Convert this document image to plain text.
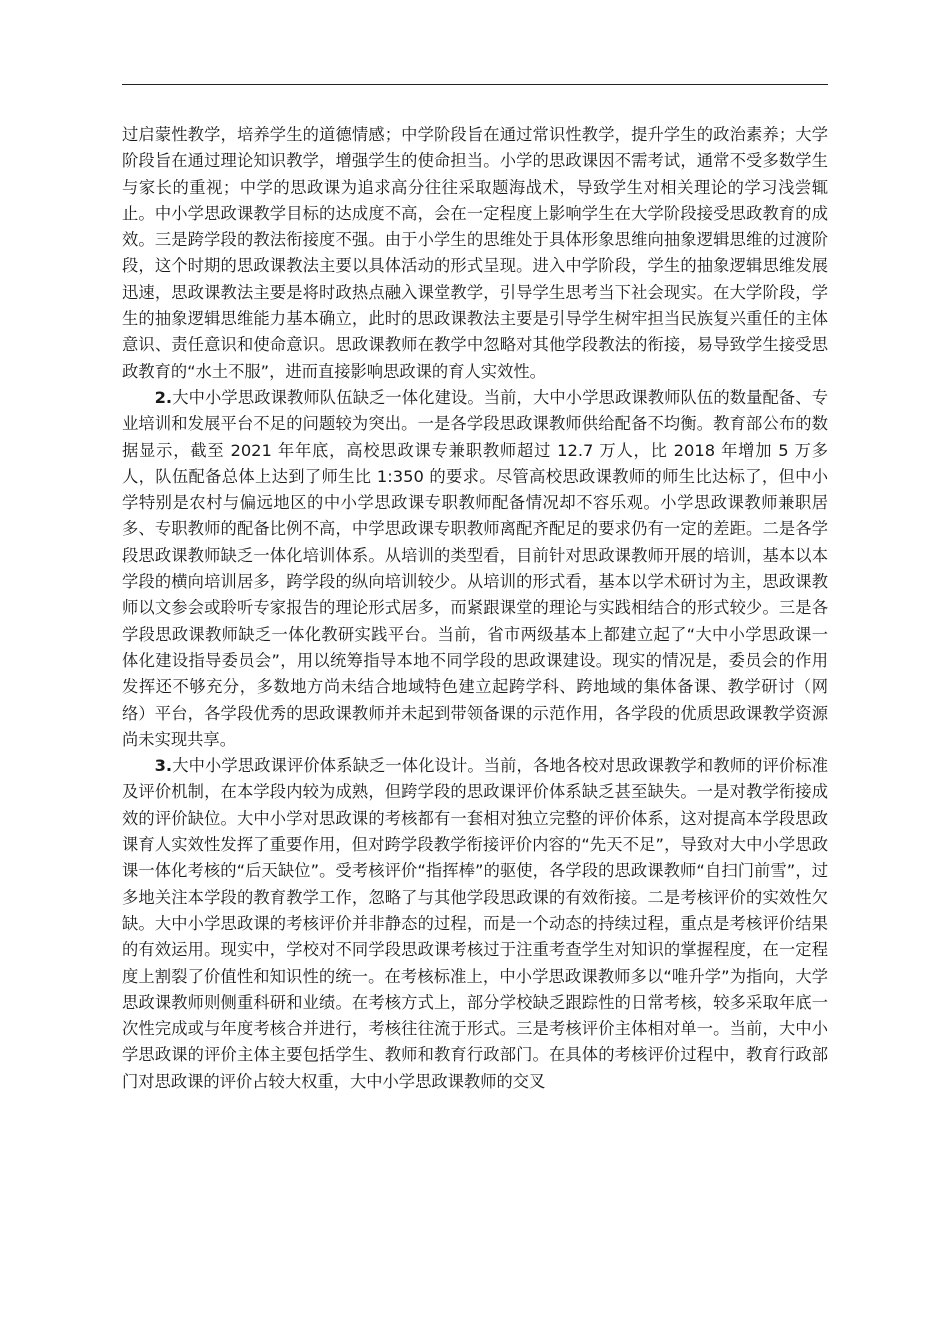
过启蒙性教学，培养学生的道德情感；中学阶段旨在通过常识性教学，提升学生的政治素养；大学阶段旨在通过理论知识教学，增强学生的使命担当。小学的思政课因不需考试，通常不受多数学生与家长的重视；中学的思政课为追求高分往往采取题海战术，导致学生对相关理论的学习浅尝辄止。中小学思政课教学目标的达成度不高，会在一定程度上影响学生在大学阶段接受思政教育的成效。三是跨学段的教法衔接度不强。由于小学生的思维处于具体形象思维向抽象逻辑思维的过渡阶段，这个时期的思政课教法主要以具体活动的形式呈现。进入中学阶段，学生的抽象逻辑思维发展迅速，思政课教法主要是将时政热点融入课堂教学，引导学生思考当下社会现实。在大学阶段，学生的抽象逻辑思维能力基本确立，此时的思政课教法主要是引导学生树牢担当民族复兴重任的主体意识、责任意识和使命意识。思政课教师在教学中忽略对其他学段教法的衔接，易导致学生接受思政教育的“水土不服”，进而直接影响思政课的育人实效性。

2.大中小学思政课教师队伍缺乏一体化建设。当前，大中小学思政课教师队伍的数量配备、专业培训和发展平台不足的问题较为突出。一是各学段思政课教师供给配备不均衡。教育部公布的数据显示，截至 2021 年年底，高校思政课专兼职教师超过 12.7 万人，比 2018 年增加 5 万多人，队伍配备总体上达到了师生比 1:350 的要求。尽管高校思政课教师的师生比达标了，但中小学特别是农村与偏远地区的中小学思政课专职教师配备情况却不容乐观。小学思政课教师兼职居多、专职教师的配备比例不高，中学思政课专职教师离配齐配足的要求仍有一定的差距。二是各学段思政课教师缺乏一体化培训体系。从培训的类型看，目前针对思政课教师开展的培训，基本以本学段的横向培训居多，跨学段的纵向培训较少。从培训的形式看，基本以学术研讨为主，思政课教师以文参会或聆听专家报告的理论形式居多，而紧跟课堂的理论与实践相结合的形式较少。三是各学段思政课教师缺乏一体化教研实践平台。当前，省市两级基本上都建立起了“大中小学思政课一体化建设指导委员会”，用以统筹指导本地不同学段的思政课建设。现实的情况是，委员会的作用发挥还不够充分，多数地方尚未结合地域特色建立起跨学科、跨地域的集体备课、教学研讨（网络）平台，各学段优秀的思政课教师并未起到带领备课的示范作用，各学段的优质思政课教学资源尚未实现共享。

3.大中小学思政课评价体系缺乏一体化设计。当前，各地各校对思政课教学和教师的评价标准及评价机制，在本学段内较为成熟，但跨学段的思政课评价体系缺乏甚至缺失。一是对教学衔接成效的评价缺位。大中小学对思政课的考核都有一套相对独立完整的评价体系，这对提高本学段思政课育人实效性发挥了重要作用，但对跨学段教学衔接评价内容的“先天不足”，导致对大中小学思政课一体化考核的“后天缺位”。受考核评价“指挥棒”的驱使，各学段的思政课教师“自扫门前雪”，过多地关注本学段的教育教学工作，忽略了与其他学段思政课的有效衔接。二是考核评价的实效性欠缺。大中小学思政课的考核评价并非静态的过程，而是一个动态的持续过程，重点是考核评价结果的有效运用。现实中，学校对不同学段思政课考核过于注重考查学生对知识的掌握程度，在一定程度上割裂了价值性和知识性的统一。在考核标准上，中小学思政课教师多以“唯升学”为指向，大学思政课教师则侧重科研和业绩。在考核方式上，部分学校缺乏跟踪性的日常考核，较多采取年底一次性完成或与年度考核合并进行，考核往往流于形式。三是考核评价主体相对单一。当前，大中小学思政课的评价主体主要包括学生、教师和教育行政部门。在具体的考核评价过程中，教育行政部门对思政课的评价占较大权重，大中小学思政课教师的交叉
